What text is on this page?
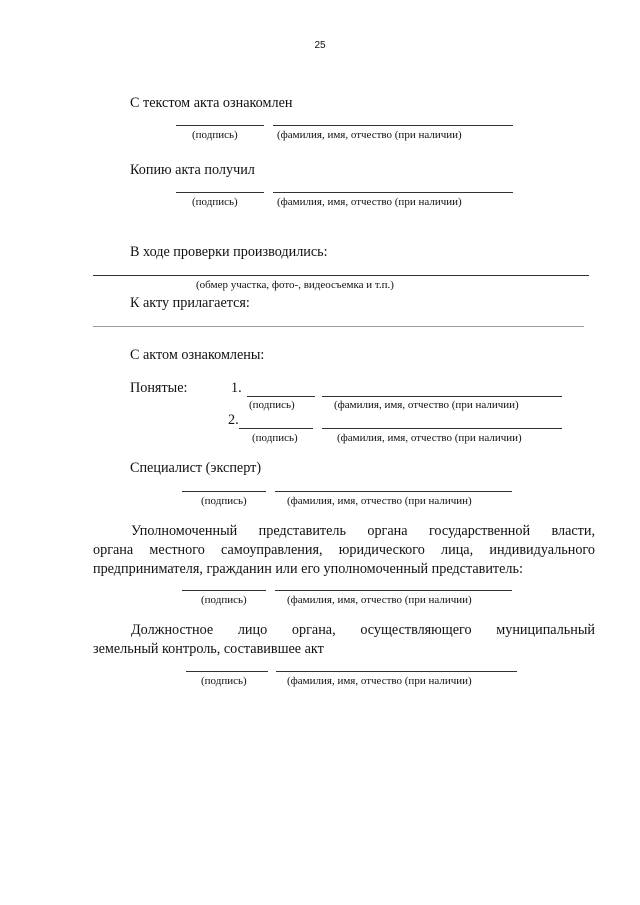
25
С текстом акта ознакомлен
(подпись)	(фамилия, имя, отчество (при наличии)
Копию акта получил
(подпись)	(фамилия, имя, отчество (при наличии)
В ходе проверки производились:
(обмер участка, фото-, видеосъемка и т.п.)
К акту прилагается:
С актом ознакомлены:
Понятые:	1.
(подпись)	(фамилия, имя, отчество (при наличии)
2.
(подпись)	(фамилия, имя, отчество (при наличии)
Специалист (эксперт)
(подпись)	(фамилия, имя, отчество (при наличин)
Уполномоченный представитель органа государственной власти,
органа местного самоуправления, юридического лица, индивидуального
предпринимателя, гражданин или его уполномоченный представитель:
(подпись)	(фамилия, имя, отчество (при наличии)
Должностное лицо органа, осуществляющего муниципальный
земельный контроль, составившее акт
(подпись)	(фамилия, имя, отчество (при наличии)
